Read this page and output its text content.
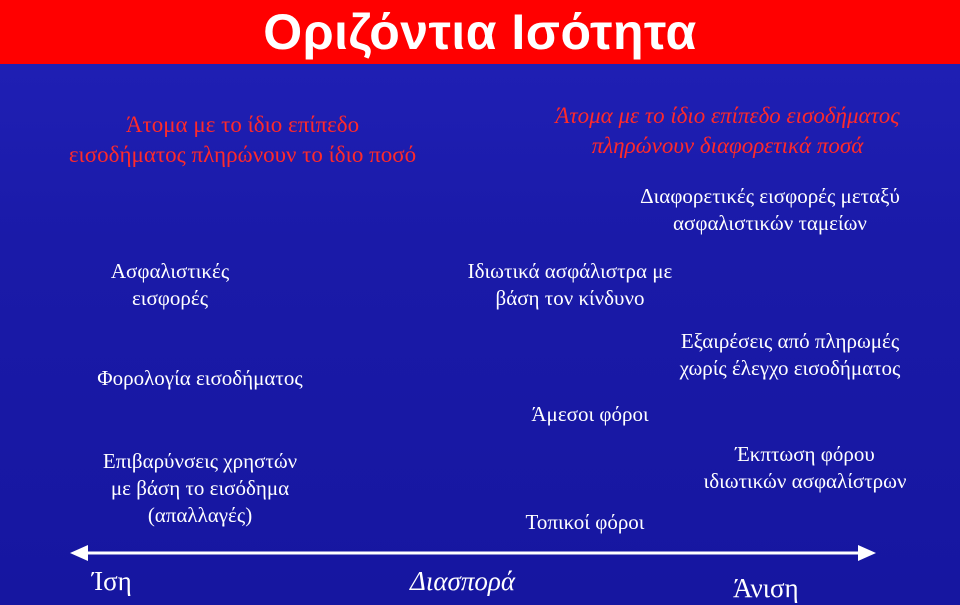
Οριζόντια Ισότητα
Άτομα με το ίδιο επίπεδο
εισοδήματος πληρώνουν το ίδιο ποσό
Άτομα με το ίδιο επίπεδο εισοδήματος
πληρώνουν διαφορετικά ποσά
Ασφαλιστικές
εισφορές
Φορολογία εισοδήματος
Επιβαρύνσεις χρηστών
με βάση το εισόδημα
(απαλλαγές)
Ιδιωτικά ασφάλιστρα με
βάση τον κίνδυνο
Άμεσοι φόροι
Τοπικοί φόροι
Διαφορετικές εισφορές μεταξύ
ασφαλιστικών ταμείων
Εξαιρέσεις από πληρωμές
χωρίς έλεγχο εισοδήματος
Έκπτωση φόρου
ιδιωτικών ασφαλίστρων
Ίση	Διασπορά	Άνιση
